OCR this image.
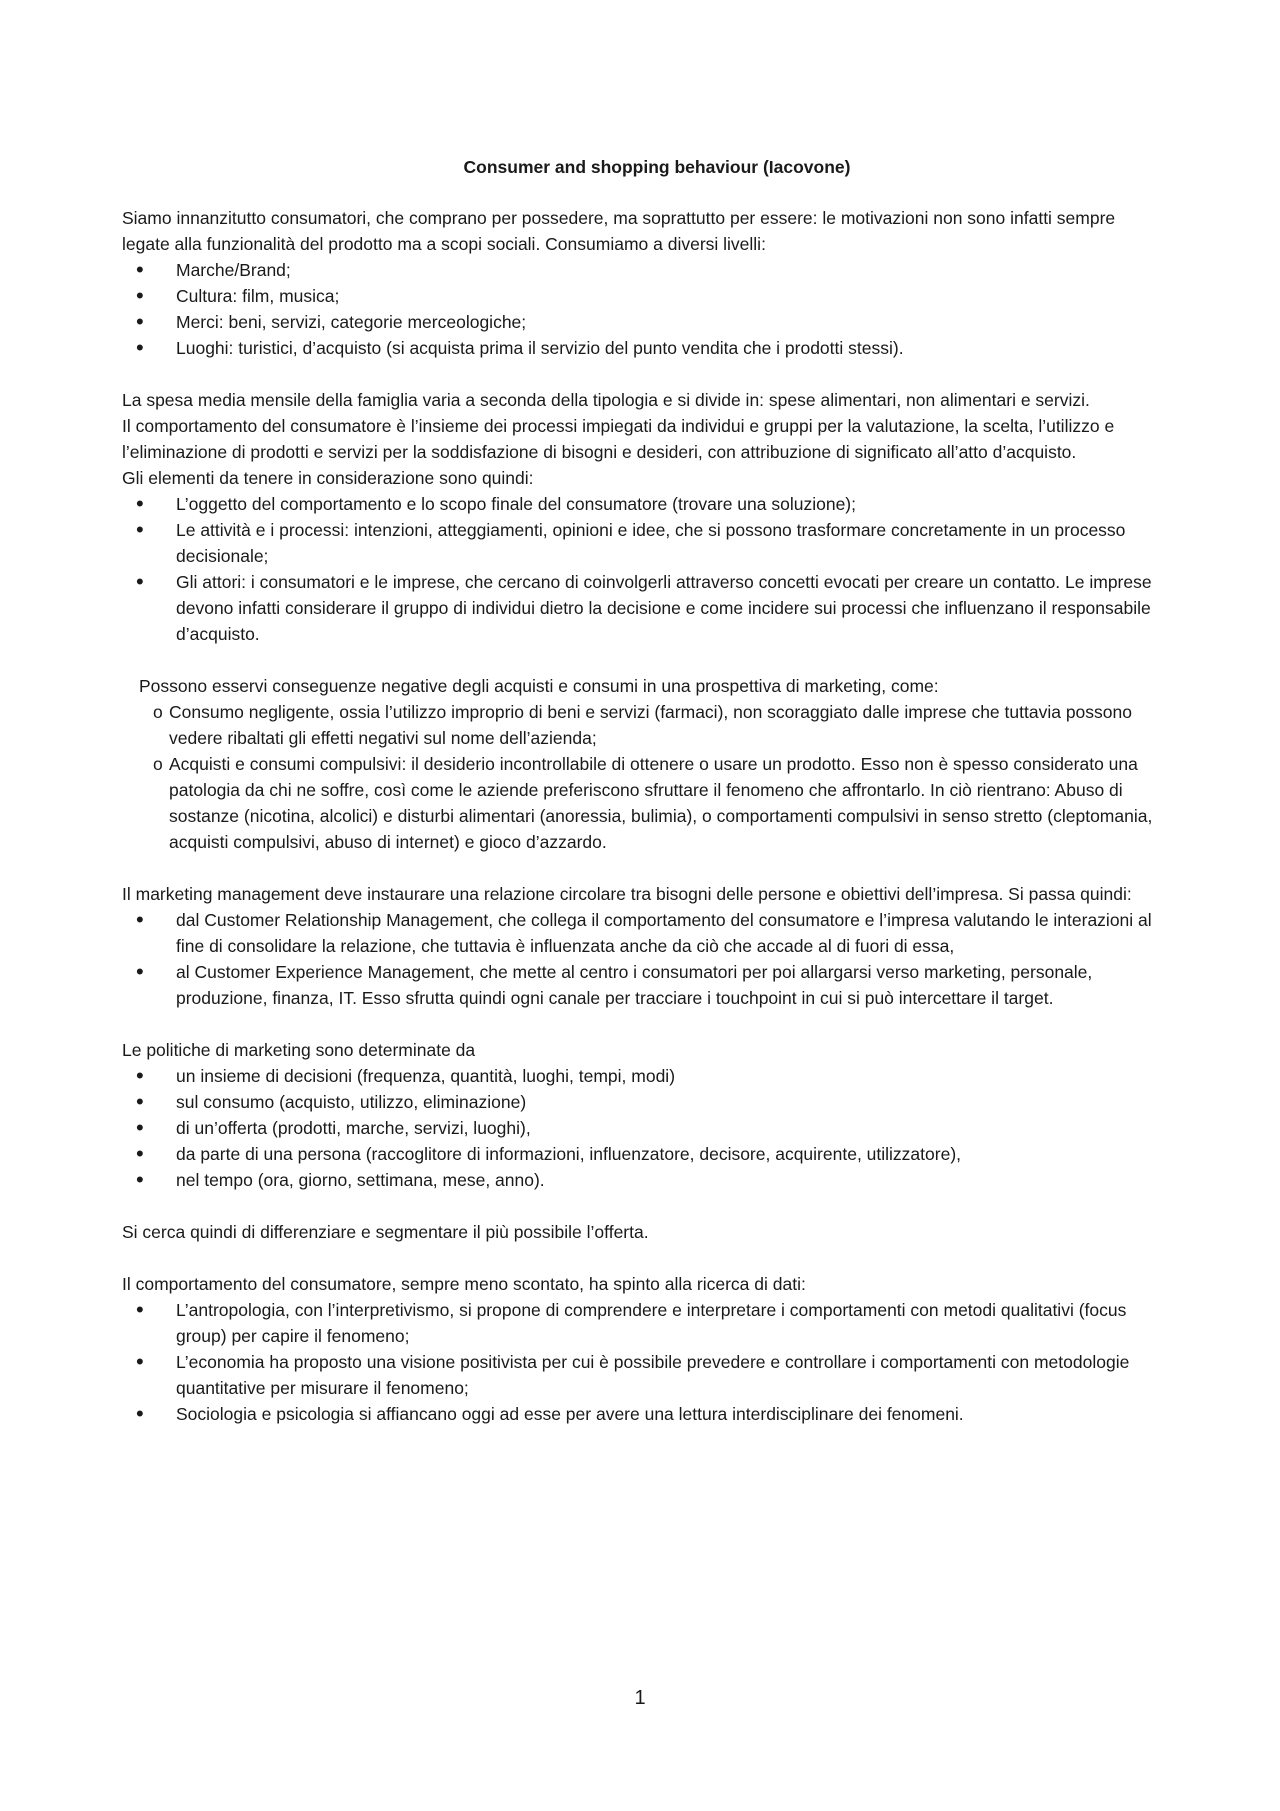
Consumer and shopping behaviour (Iacovone)

Siamo innanzitutto consumatori, che comprano per possedere, ma soprattutto per essere: le motivazioni non sono infatti sempre legate alla funzionalità del prodotto ma a scopi sociali. Consumiamo a diversi livelli:

• Marche/Brand;
• Cultura: film, musica;
• Merci: beni, servizi, categorie merceologiche;
• Luoghi: turistici, d’acquisto (si acquista prima il servizio del punto vendita che i prodotti stessi).

La spesa media mensile della famiglia varia a seconda della tipologia e si divide in: spese alimentari, non alimentari e servizi.

Il comportamento del consumatore è l’insieme dei processi impiegati da individui e gruppi per la valutazione, la scelta, l’utilizzo e l’eliminazione di prodotti e servizi per la soddisfazione di bisogni e desideri, con attribuzione di significato all’atto d’acquisto.

Gli elementi da tenere in considerazione sono quindi:

• L’oggetto del comportamento e lo scopo finale del consumatore (trovare una soluzione);
• Le attività e i processi: intenzioni, atteggiamenti, opinioni e idee, che si possono trasformare concretamente in un processo decisionale;
• Gli attori: i consumatori e le imprese, che cercano di coinvolgerli attraverso concetti evocati per creare un contatto. Le imprese devono infatti considerare il gruppo di individui dietro la decisione e come incidere sui processi che influenzano il responsabile d’acquisto.

Possono esservi conseguenze negative degli acquisti e consumi in una prospettiva di marketing, come:

o Consumo negligente, ossia l’utilizzo improprio di beni e servizi (farmaci), non scoraggiato dalle imprese che tuttavia possono vedere ribaltati gli effetti negativi sul nome dell’azienda;
o Acquisti e consumi compulsivi: il desiderio incontrollabile di ottenere o usare un prodotto. Esso non è spesso considerato una patologia da chi ne soffre, così come le aziende preferiscono sfruttare il fenomeno che affrontarlo. In ciò rientrano: Abuso di sostanze (nicotina, alcolici) e disturbi alimentari (anoressia, bulimia), o comportamenti compulsivi in senso stretto (cleptomania, acquisti compulsivi, abuso di internet) e gioco d’azzardo.

Il marketing management deve instaurare una relazione circolare tra bisogni delle persone e obiettivi dell’impresa. Si passa quindi:

• dal Customer Relationship Management, che collega il comportamento del consumatore e l’impresa valutando le interazioni al fine di consolidare la relazione, che tuttavia è influenzata anche da ciò che accade al di fuori di essa,
• al Customer Experience Management, che mette al centro i consumatori per poi allargarsi verso marketing, personale, produzione, finanza, IT. Esso sfrutta quindi ogni canale per tracciare i touchpoint in cui si può intercettare il target.

Le politiche di marketing sono determinate da

• un insieme di decisioni (frequenza, quantità, luoghi, tempi, modi)
• sul consumo (acquisto, utilizzo, eliminazione)
• di un’offerta (prodotti, marche, servizi, luoghi),
• da parte di una persona (raccoglitore di informazioni, influenzatore, decisore, acquirente, utilizzatore),
• nel tempo (ora, giorno, settimana, mese, anno).

Si cerca quindi di differenziare e segmentare il più possibile l’offerta.

Il comportamento del consumatore, sempre meno scontato, ha spinto alla ricerca di dati:

• L’antropologia, con l’interpretivismo, si propone di comprendere e interpretare i comportamenti con metodi qualitativi (focus group) per capire il fenomeno;
• L’economia ha proposto una visione positivista per cui è possibile prevedere e controllare i comportamenti con metodologie quantitative per misurare il fenomeno;
• Sociologia e psicologia si affiancano oggi ad esse per avere una lettura interdisciplinare dei fenomeni.
1
